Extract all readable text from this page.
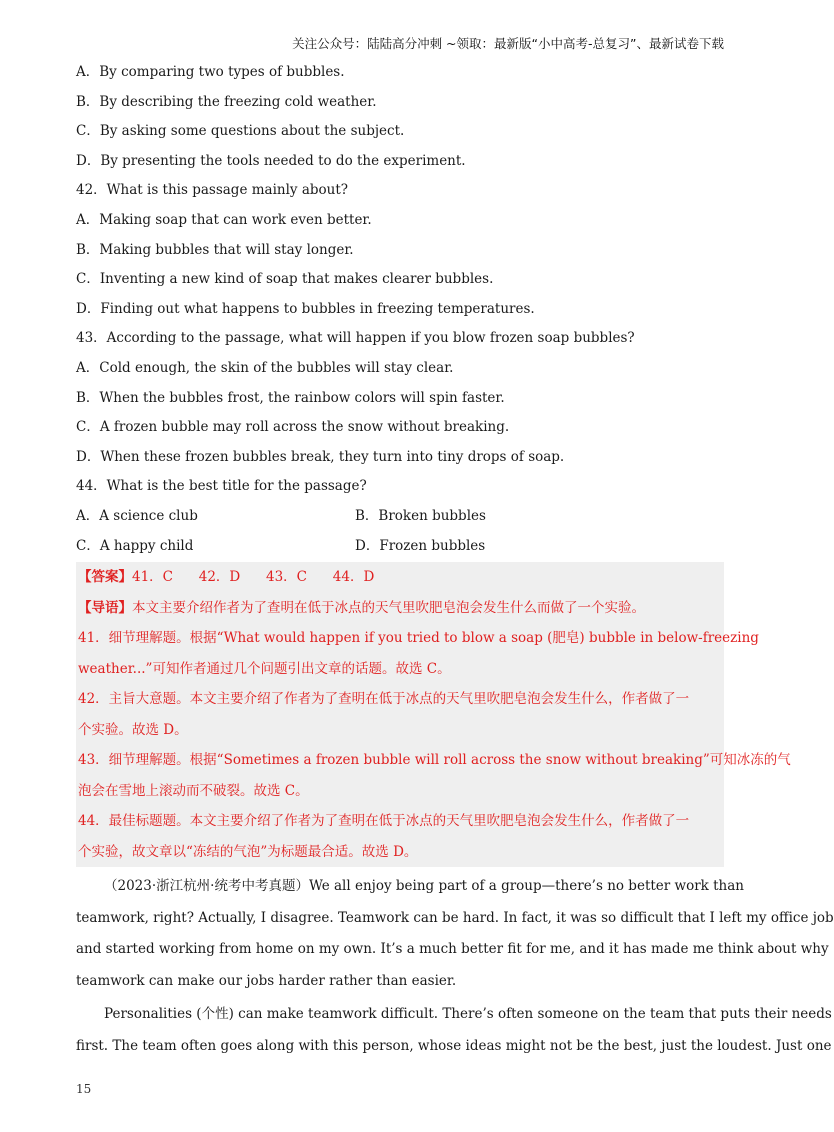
关注公众号：陆陆高分冲刺 ~领取：最新版“小中高考-总复习”、最新试卷下载
A．By comparing two types of bubbles.
B．By describing the freezing cold weather.
C．By asking some questions about the subject.
D．By presenting the tools needed to do the experiment.
42．What is this passage mainly about?
A．Making soap that can work even better.
B．Making bubbles that will stay longer.
C．Inventing a new kind of soap that makes clearer bubbles.
D．Finding out what happens to bubbles in freezing temperatures.
43．According to the passage, what will happen if you blow frozen soap bubbles?
A．Cold enough, the skin of the bubbles will stay clear.
B．When the bubbles frost, the rainbow colors will spin faster.
C．A frozen bubble may roll across the snow without breaking.
D．When these frozen bubbles break, they turn into tiny drops of soap.
44．What is the best title for the passage?
A．A science club	B．Broken bubbles
C．A happy child	D．Frozen bubbles
【答案】41．C      42．D      43．C      44．D
【导语】本文主要介绍作者为了查明在低于冰点的天气里吹肥皂泡会发生什么而做了一个实验。
41．细节理解题。根据“What would happen if you tried to blow a soap (肥皂) bubble in below-freezing
weather...”可知作者通过几个问题引出文章的话题。故选 C。
42．主旨大意题。本文主要介绍了作者为了查明在低于冰点的天气里吹肥皂泡会发生什么，作者做了一
个实验。故选 D。
43．细节理解题。根据“Sometimes a frozen bubble will roll across the snow without breaking”可知冰冻的气
泡会在雪地上滚动而不破裂。故选 C。
44．最佳标题题。本文主要介绍了作者为了查明在低于冰点的天气里吹肥皂泡会发生什么，作者做了一
个实验，故文章以“冻结的气泡”为标题最合适。故选 D。
（2023·浙江杭州·统考中考真题）We all enjoy being part of a group—there’s no better work than
teamwork, right? Actually, I disagree. Teamwork can be hard. In fact, it was so difficult that I left my office job
and started working from home on my own. It’s a much better fit for me, and it has made me think about why
teamwork can make our jobs harder rather than easier.
Personalities (个性) can make teamwork difficult. There’s often someone on the team that puts their needs
first. The team often goes along with this person, whose ideas might not be the best, just the loudest. Just one
15
